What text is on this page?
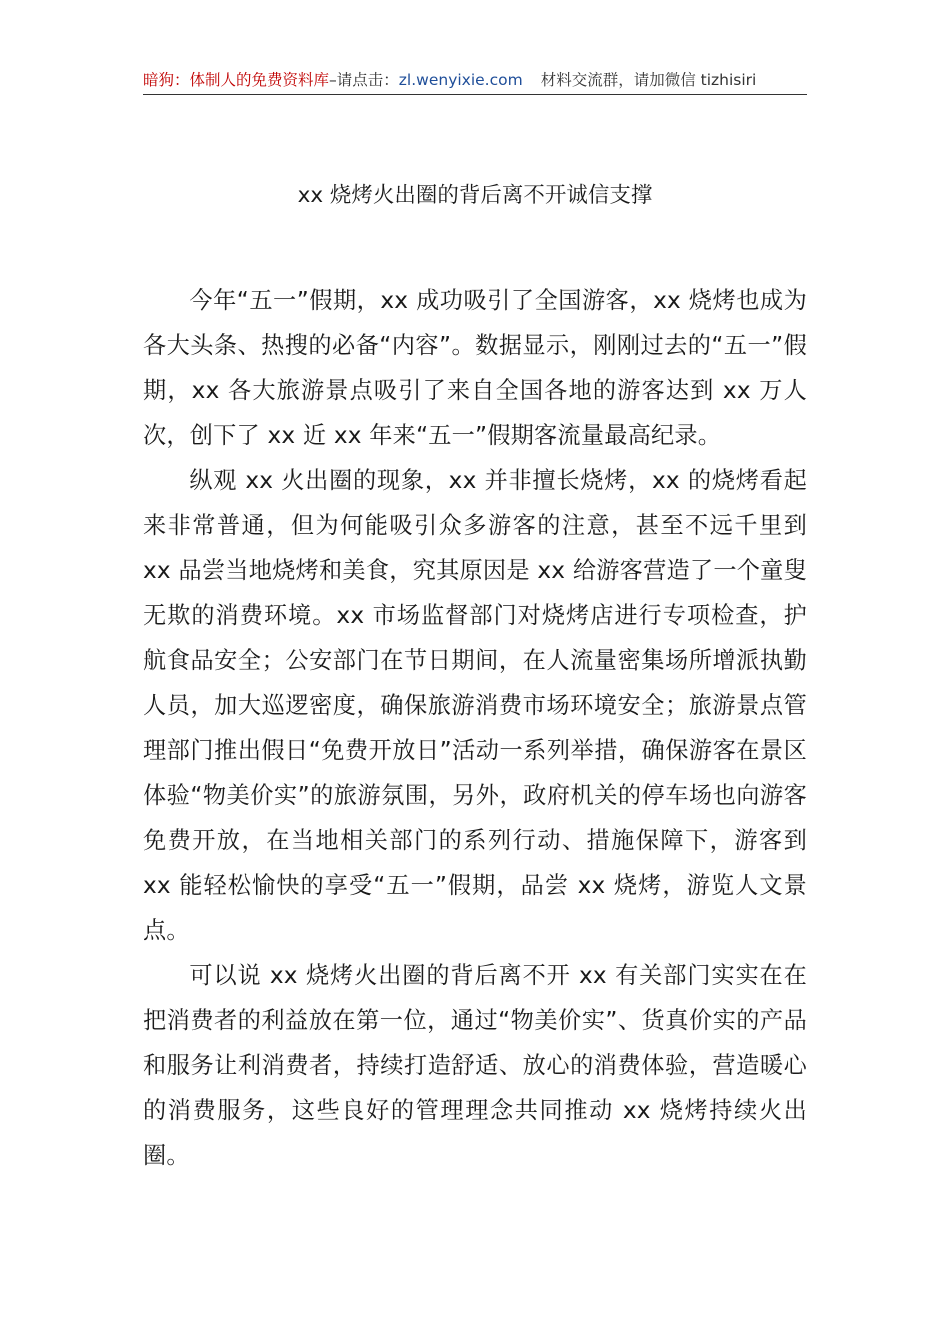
暗狗：体制人的免费资料库–请点击：zl.wenyixie.com 材料交流群，请加微信 tizhisiri
xx 烧烤火出圈的背后离不开诚信支撑

今年“五一”假期，xx 成功吸引了全国游客，xx 烧烤也成为各大头条、热搜的必备“内容”。数据显示，刚刚过去的“五一”假期，xx 各大旅游景点吸引了来自全国各地的游客达到 xx 万人次，创下了 xx 近 xx 年来“五一”假期客流量最高纪录。

纵观 xx 火出圈的现象，xx 并非擅长烧烤，xx 的烧烤看起来非常普通，但为何能吸引众多游客的注意，甚至不远千里到 xx 品尝当地烧烤和美食，究其原因是 xx 给游客营造了一个童叟无欺的消费环境。xx 市场监督部门对烧烤店进行专项检查，护航食品安全；公安部门在节日期间，在人流量密集场所增派执勤人员，加大巡逻密度，确保旅游消费市场环境安全；旅游景点管理部门推出假日“免费开放日”活动一系列举措，确保游客在景区体验“物美价实”的旅游氛围，另外，政府机关的停车场也向游客免费开放，在当地相关部门的系列行动、措施保障下，游客到 xx 能轻松愉快的享受“五一”假期，品尝 xx 烧烤，游览人文景点。

可以说 xx 烧烤火出圈的背后离不开 xx 有关部门实实在在把消费者的利益放在第一位，通过“物美价实”、货真价实的产品和服务让利消费者，持续打造舒适、放心的消费体验，营造暖心的消费服务，这些良好的管理理念共同推动 xx 烧烤持续火出圈。
